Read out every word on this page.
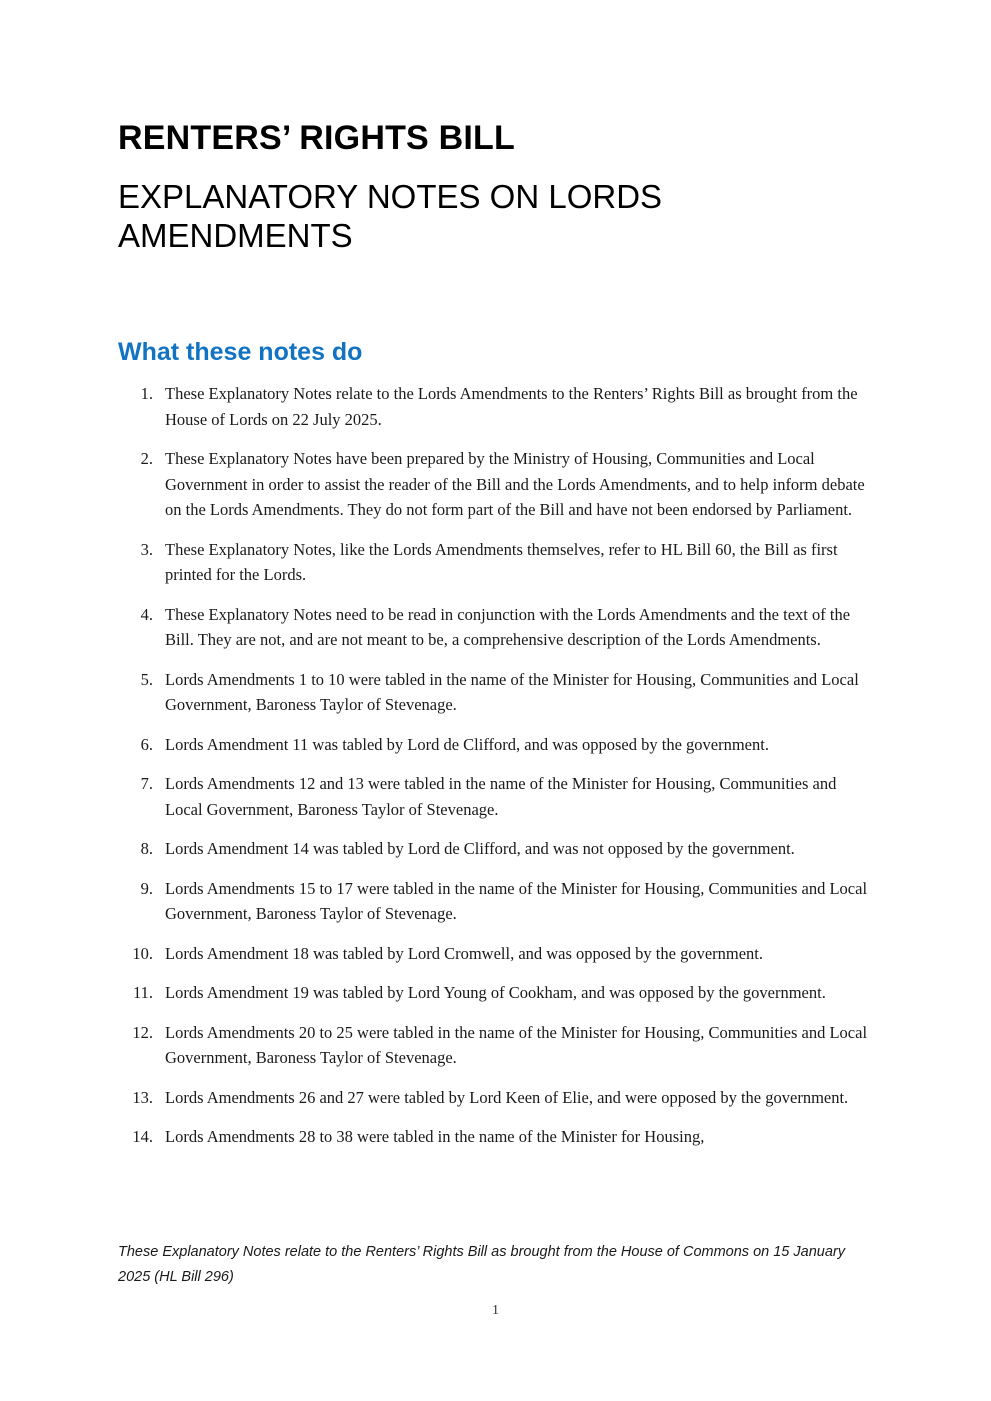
RENTERS’ RIGHTS BILL
EXPLANATORY NOTES ON LORDS AMENDMENTS
What these notes do
1. These Explanatory Notes relate to the Lords Amendments to the Renters’ Rights Bill as brought from the House of Lords on 22 July 2025.
2. These Explanatory Notes have been prepared by the Ministry of Housing, Communities and Local Government in order to assist the reader of the Bill and the Lords Amendments, and to help inform debate on the Lords Amendments. They do not form part of the Bill and have not been endorsed by Parliament.
3. These Explanatory Notes, like the Lords Amendments themselves, refer to HL Bill 60, the Bill as first printed for the Lords.
4. These Explanatory Notes need to be read in conjunction with the Lords Amendments and the text of the Bill. They are not, and are not meant to be, a comprehensive description of the Lords Amendments.
5. Lords Amendments 1 to 10 were tabled in the name of the Minister for Housing, Communities and Local Government, Baroness Taylor of Stevenage.
6. Lords Amendment 11 was tabled by Lord de Clifford, and was opposed by the government.
7. Lords Amendments 12 and 13 were tabled in the name of the Minister for Housing, Communities and Local Government, Baroness Taylor of Stevenage.
8. Lords Amendment 14 was tabled by Lord de Clifford, and was not opposed by the government.
9. Lords Amendments 15 to 17 were tabled in the name of the Minister for Housing, Communities and Local Government, Baroness Taylor of Stevenage.
10. Lords Amendment 18 was tabled by Lord Cromwell, and was opposed by the government.
11. Lords Amendment 19 was tabled by Lord Young of Cookham, and was opposed by the government.
12. Lords Amendments 20 to 25 were tabled in the name of the Minister for Housing, Communities and Local Government, Baroness Taylor of Stevenage.
13. Lords Amendments 26 and 27 were tabled by Lord Keen of Elie, and were opposed by the government.
14. Lords Amendments 28 to 38 were tabled in the name of the Minister for Housing,
These Explanatory Notes relate to the Renters’ Rights Bill as brought from the House of Commons on 15 January 2025 (HL Bill 296)
1
